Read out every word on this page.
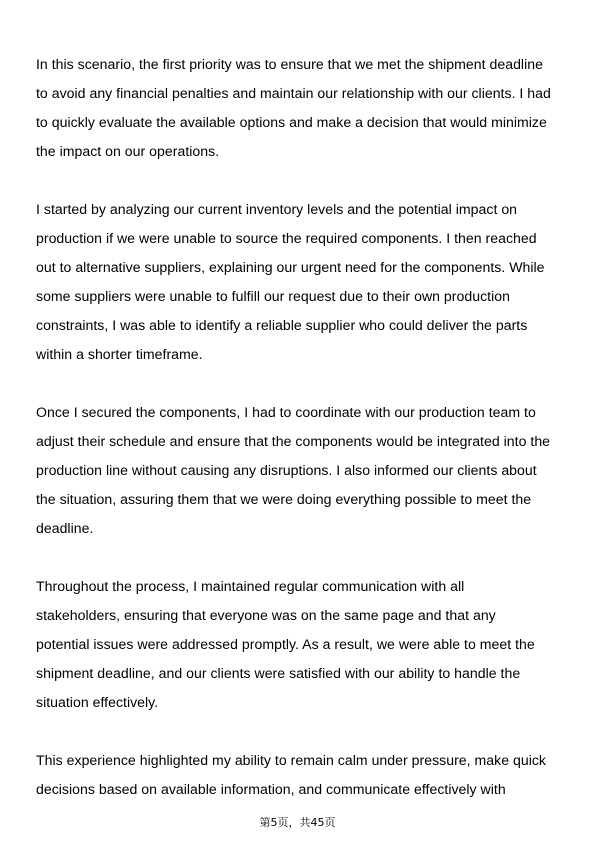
In this scenario, the first priority was to ensure that we met the shipment deadline
to avoid any financial penalties and maintain our relationship with our clients. I had
to quickly evaluate the available options and make a decision that would minimize
the impact on our operations.

I started by analyzing our current inventory levels and the potential impact on
production if we were unable to source the required components. I then reached
out to alternative suppliers, explaining our urgent need for the components. While
some suppliers were unable to fulfill our request due to their own production
constraints, I was able to identify a reliable supplier who could deliver the parts
within a shorter timeframe.

Once I secured the components, I had to coordinate with our production team to
adjust their schedule and ensure that the components would be integrated into the
production line without causing any disruptions. I also informed our clients about
the situation, assuring them that we were doing everything possible to meet the
deadline.

Throughout the process, I maintained regular communication with all
stakeholders, ensuring that everyone was on the same page and that any
potential issues were addressed promptly. As a result, we were able to meet the
shipment deadline, and our clients were satisfied with our ability to handle the
situation effectively.

This experience highlighted my ability to remain calm under pressure, make quick
decisions based on available information, and communicate effectively with

第5页，共45页
